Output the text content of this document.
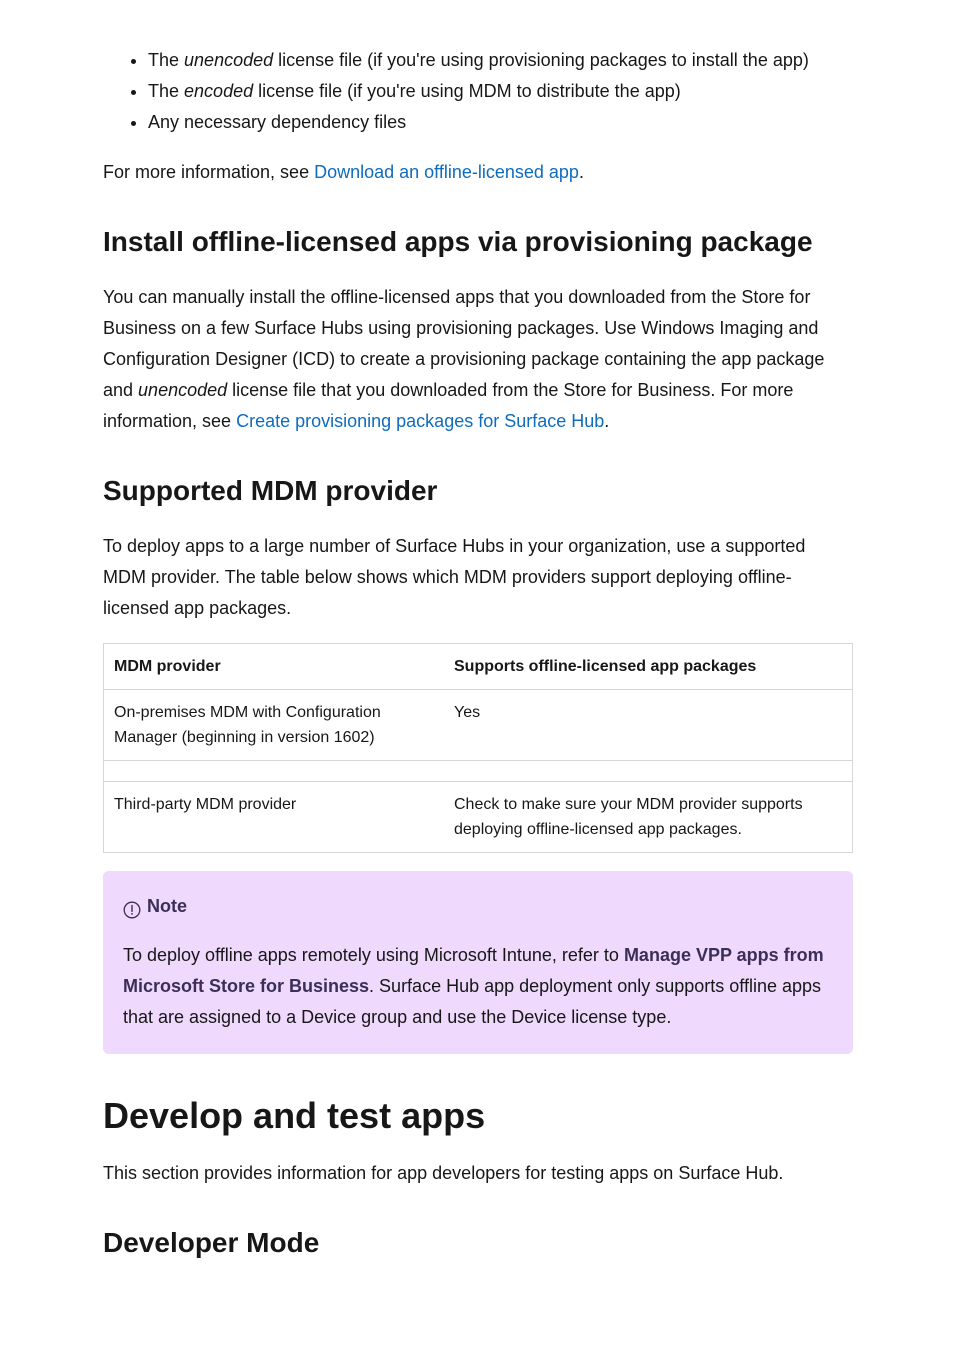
• The unencoded license file (if you're using provisioning packages to install the app)
• The encoded license file (if you're using MDM to distribute the app)
• Any necessary dependency files

For more information, see Download an offline-licensed app.

Install offline-licensed apps via provisioning package

You can manually install the offline-licensed apps that you downloaded from the Store for Business on a few Surface Hubs using provisioning packages. Use Windows Imaging and Configuration Designer (ICD) to create a provisioning package containing the app package and unencoded license file that you downloaded from the Store for Business. For more information, see Create provisioning packages for Surface Hub.

Supported MDM provider

To deploy apps to a large number of Surface Hubs in your organization, use a supported MDM provider. The table below shows which MDM providers support deploying offline-licensed app packages.

MDM provider	Supports offline-licensed app packages
On-premises MDM with Configuration Manager (beginning in version 1602)	Yes

Third-party MDM provider	Check to make sure your MDM provider supports deploying offline-licensed app packages.
Note

To deploy offline apps remotely using Microsoft Intune, refer to Manage VPP apps from Microsoft Store for Business. Surface Hub app deployment only supports offline apps that are assigned to a Device group and use the Device license type.

Develop and test apps

This section provides information for app developers for testing apps on Surface Hub.

Developer Mode
